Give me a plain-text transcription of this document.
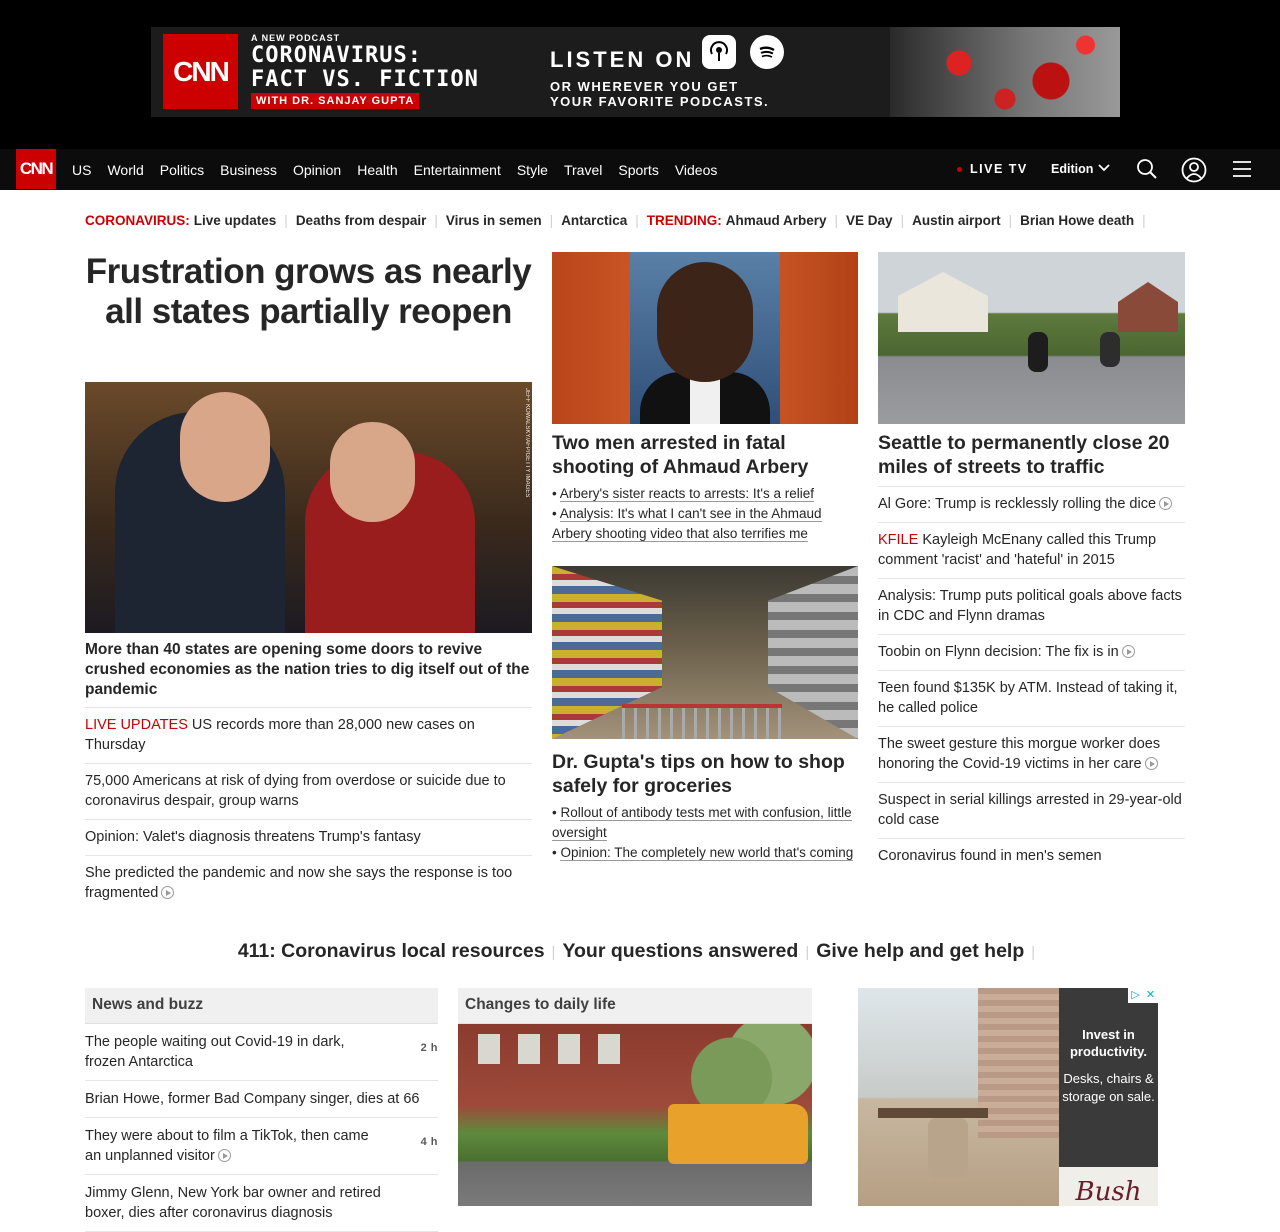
CNN
A NEW PODCAST
CORONAVIRUS:
FACT VS. FICTION
WITH DR. SANJAY GUPTA
LISTEN ON
OR WHEREVER YOU GET
YOUR FAVORITE PODCASTS.
CNN US World Politics Business Opinion Health Entertainment Style Travel Sports Videos	LIVE TV Edition
CORONAVIRUS: Live updates | Deaths from despair | Virus in semen | Antarctica | TRENDING: Ahmaud Arbery | VE Day | Austin airport | Brian Howe death |
Frustration grows as nearly all states partially reopen
JEFF KOWALSKY/AFP/GETTY IMAGES
More than 40 states are opening some doors to revive crushed economies as the nation tries to dig itself out of the pandemic
LIVE UPDATES US records more than 28,000 new cases on Thursday
75,000 Americans at risk of dying from overdose or suicide due to coronavirus despair, group warns
Opinion: Valet's diagnosis threatens Trump's fantasy
She predicted the pandemic and now she says the response is too fragmented
Two men arrested in fatal shooting of Ahmaud Arbery
• Arbery's sister reacts to arrests: It's a relief
• Analysis: It's what I can't see in the Ahmaud Arbery shooting video that also terrifies me
Dr. Gupta's tips on how to shop safely for groceries
• Rollout of antibody tests met with confusion, little oversight
• Opinion: The completely new world that's coming
Seattle to permanently close 20 miles of streets to traffic
Al Gore: Trump is recklessly rolling the dice
KFILE Kayleigh McEnany called this Trump comment 'racist' and 'hateful' in 2015
Analysis: Trump puts political goals above facts in CDC and Flynn dramas
Toobin on Flynn decision: The fix is in
Teen found $135K by ATM. Instead of taking it, he called police
The sweet gesture this morgue worker does honoring the Covid-19 victims in her care
Suspect in serial killings arrested in 29-year-old cold case
Coronavirus found in men's semen
411: Coronavirus local resources | Your questions answered | Give help and get help |
News and buzz
The people waiting out Covid-19 in dark, frozen Antarctica
2 h
Brian Howe, former Bad Company singer, dies at 66
They were about to film a TikTok, then came an unplanned visitor
4 h
Jimmy Glenn, New York bar owner and retired boxer, dies after coronavirus diagnosis
Changes to daily life
Invest in productivity.
Desks, chairs & storage on sale.
Bush
▷ ✕
